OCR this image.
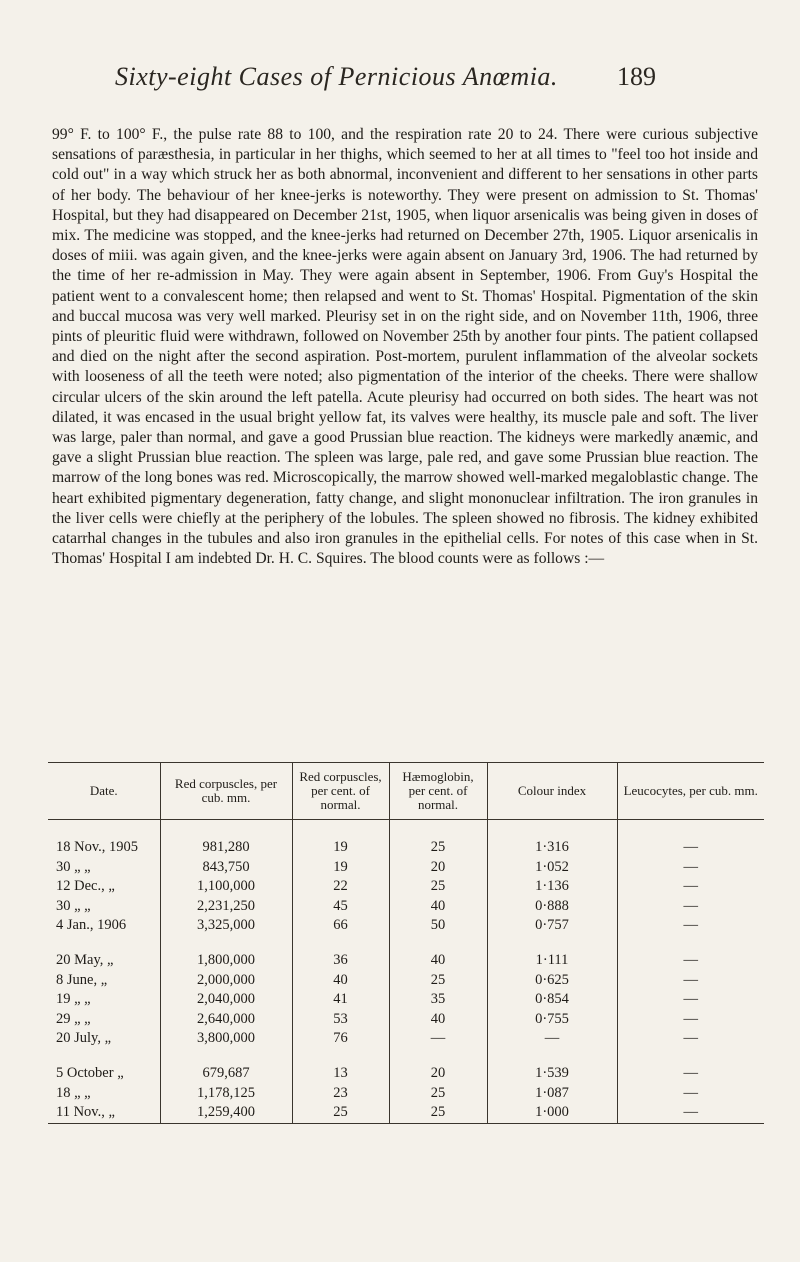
Sixty-eight Cases of Pernicious Anœmia. 189

99° F. to 100° F., the pulse rate 88 to 100, and the respiration rate 20 to 24. There were curious subjective sensations of paræsthesia, in particular in her thighs, which seemed to her at all times to "feel too hot inside and cold out" in a way which struck her as both abnormal, inconvenient and different to her sensations in other parts of her body. The behaviour of her knee-jerks is noteworthy. They were present on admission to St. Thomas' Hospital, but they had disappeared on December 21st, 1905, when liquor arsenicalis was being given in doses of mix. The medicine was stopped, and the knee-jerks had returned on December 27th, 1905. Liquor arsenicalis in doses of miii. was again given, and the knee-jerks were again absent on January 3rd, 1906. The had returned by the time of her re-admission in May. They were again absent in September, 1906. From Guy's Hospital the patient went to a convalescent home; then relapsed and went to St. Thomas' Hospital. Pigmentation of the skin and buccal mucosa was very well marked. Pleurisy set in on the right side, and on November 11th, 1906, three pints of pleuritic fluid were withdrawn, followed on November 25th by another four pints. The patient collapsed and died on the night after the second aspiration. Post-mortem, purulent inflammation of the alveolar sockets with looseness of all the teeth were noted; also pigmentation of the interior of the cheeks. There were shallow circular ulcers of the skin around the left patella. Acute pleurisy had occurred on both sides. The heart was not dilated, it was encased in the usual bright yellow fat, its valves were healthy, its muscle pale and soft. The liver was large, paler than normal, and gave a good Prussian blue reaction. The kidneys were markedly anæmic, and gave a slight Prussian blue reaction. The spleen was large, pale red, and gave some Prussian blue reaction. The marrow of the long bones was red. Microscopically, the marrow showed well-marked megaloblastic change. The heart exhibited pigmentary degeneration, fatty change, and slight mononuclear infiltration. The iron granules in the liver cells were chiefly at the periphery of the lobules. The spleen showed no fibrosis. The kidney exhibited catarrhal changes in the tubules and also iron granules in the epithelial cells. For notes of this case when in St. Thomas' Hospital I am indebted Dr. H. C. Squires. The blood counts were as follows :—

Date.	Red corpuscles, per cub. mm.	Red corpuscles, per cent. of normal.	Hæmoglobin, per cent. of normal.	Colour index	Leucocytes, per cub. mm.
18 Nov., 1905	981,280	19	25	1·316	—
30 „ „	843,750	19	20	1·052	—
12 Dec., „	1,100,000	22	25	1·136	—
30 „ „	2,231,250	45	40	0·888	—
4 Jan., 1906	3,325,000	66	50	0·757	—

20 May, „	1,800,000	36	40	1·111	—
8 June, „	2,000,000	40	25	0·625	—
19 „ „	2,040,000	41	35	0·854	—
29 „ „	2,640,000	53	40	0·755	—
20 July, „	3,800,000	76	—	—	—

5 October „	679,687	13	20	1·539	—
18 „ „	1,178,125	23	25	1·087	—
11 Nov., „	1,259,400	25	25	1·000	—
